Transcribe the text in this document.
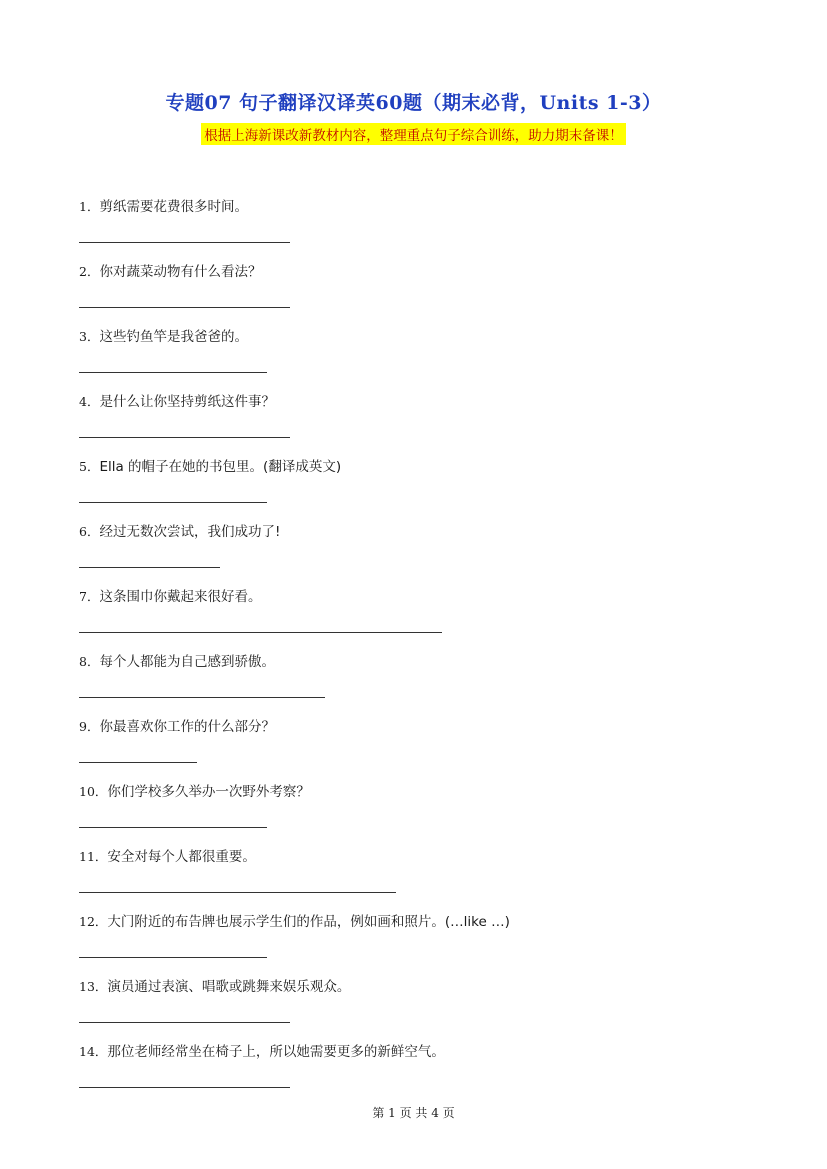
专题07 句子翻译汉译英60题（期末必背，Units 1-3）
根据上海新课改新教材内容，整理重点句子综合训练，助力期末备课！
1．剪纸需要花费很多时间。
2．你对蔬菜动物有什么看法？
3．这些钓鱼竿是我爸爸的。
4．是什么让你坚持剪纸这件事？
5．Ella 的帽子在她的书包里。(翻译成英文)
6．经过无数次尝试，我们成功了!
7．这条围巾你戴起来很好看。
8．每个人都能为自己感到骄傲。
9．你最喜欢你工作的什么部分？
10．你们学校多久举办一次野外考察？
11．安全对每个人都很重要。
12．大门附近的布告牌也展示学生们的作品，例如画和照片。(…like …)
13．演员通过表演、唱歌或跳舞来娱乐观众。
14．那位老师经常坐在椅子上，所以她需要更多的新鲜空气。
第 1 页 共 4 页
